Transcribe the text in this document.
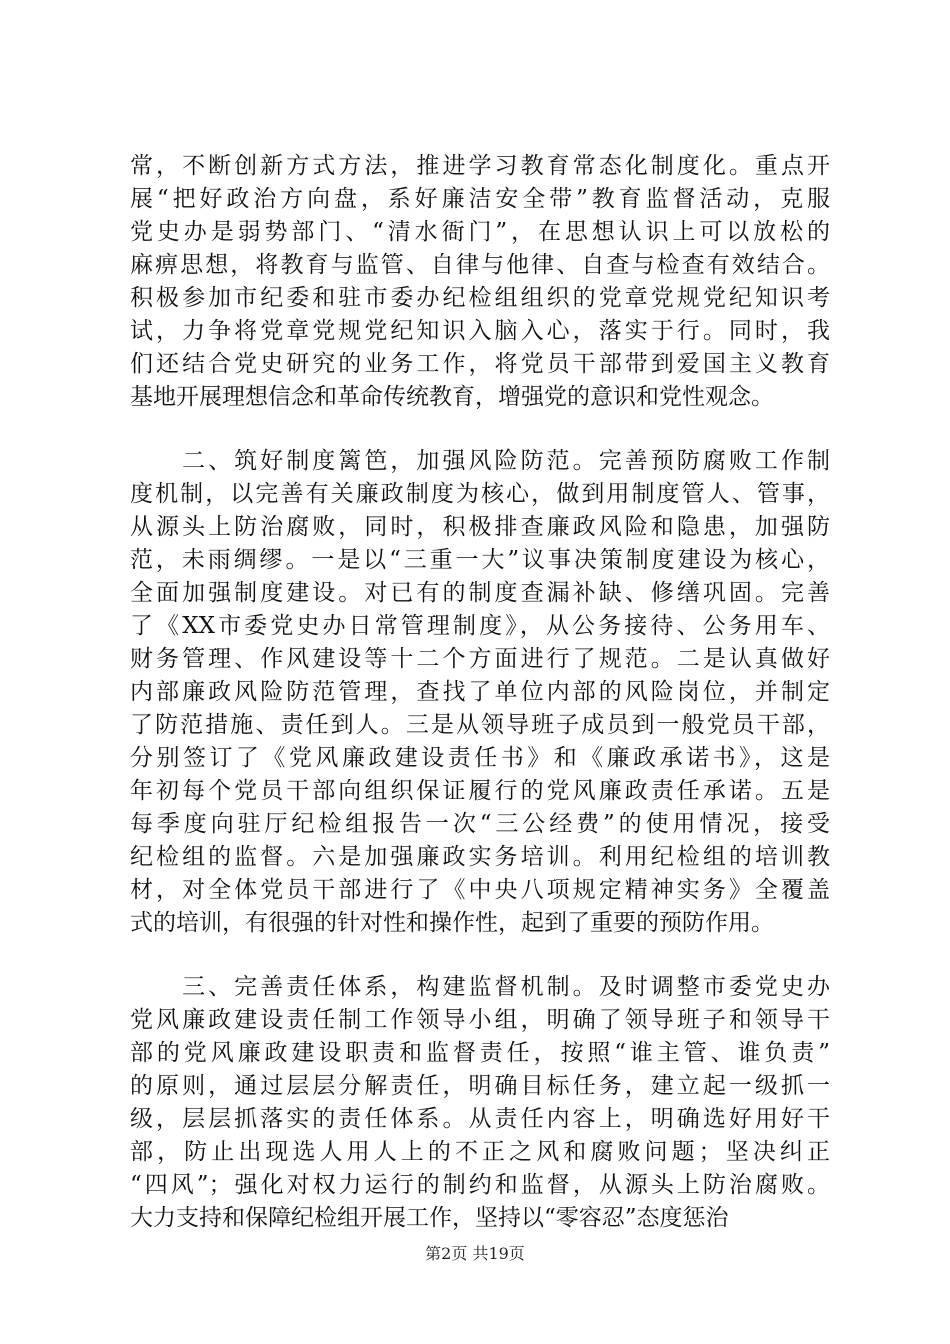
常，不断创新方式方法，推进学习教育常态化制度化。重点开
展“把好政治方向盘，系好廉洁安全带”教育监督活动，克服
党史办是弱势部门、“清水衙门”，在思想认识上可以放松的
麻痹思想，将教育与监管、自律与他律、自查与检查有效结合。
积极参加市纪委和驻市委办纪检组组织的党章党规党纪知识考
试，力争将党章党规党纪知识入脑入心，落实于行。同时，我
们还结合党史研究的业务工作，将党员干部带到爱国主义教育
基地开展理想信念和革命传统教育，增强党的意识和党性观念。
　　二、筑好制度篱笆，加强风险防范。完善预防腐败工作制
度机制，以完善有关廉政制度为核心，做到用制度管人、管事，
从源头上防治腐败，同时，积极排查廉政风险和隐患，加强防
范，未雨绸缪。一是以“三重一大”议事决策制度建设为核心，
全面加强制度建设。对已有的制度查漏补缺、修缮巩固。完善
了《XX市委党史办日常管理制度》，从公务接待、公务用车、
财务管理、作风建设等十二个方面进行了规范。二是认真做好
内部廉政风险防范管理，查找了单位内部的风险岗位，并制定
了防范措施、责任到人。三是从领导班子成员到一般党员干部，
分别签订了《党风廉政建设责任书》和《廉政承诺书》，这是
年初每个党员干部向组织保证履行的党风廉政责任承诺。五是
每季度向驻厅纪检组报告一次“三公经费”的使用情况，接受
纪检组的监督。六是加强廉政实务培训。利用纪检组的培训教
材，对全体党员干部进行了《中央八项规定精神实务》全覆盖
式的培训，有很强的针对性和操作性，起到了重要的预防作用。
　　三、完善责任体系，构建监督机制。及时调整市委党史办
党风廉政建设责任制工作领导小组，明确了领导班子和领导干
部的党风廉政建设职责和监督责任，按照“谁主管、谁负责”
的原则，通过层层分解责任，明确目标任务，建立起一级抓一
级，层层抓落实的责任体系。从责任内容上，明确选好用好干
部，防止出现选人用人上的不正之风和腐败问题；坚决纠正
“四风”；强化对权力运行的制约和监督，从源头上防治腐败。
大力支持和保障纪检组开展工作，坚持以“零容忍”态度惩治
第2页 共19页
